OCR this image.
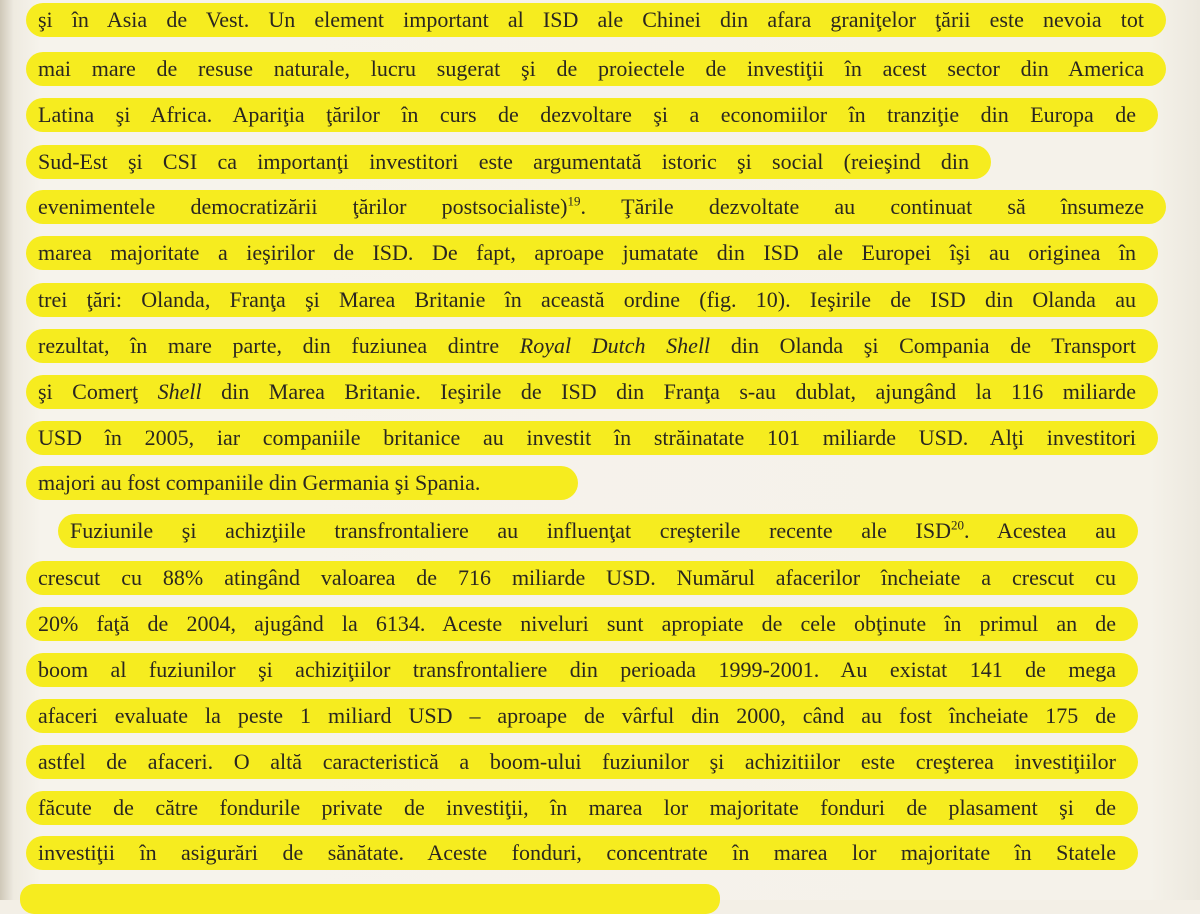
şi în Asia de Vest. Un element important al ISD ale Chinei din afara graniţelor ţării este nevoia tot
mai mare de resuse naturale, lucru sugerat şi de proiectele de investiţii în acest sector din America
Latina şi Africa. Apariţia ţărilor în curs de dezvoltare şi a economiilor în tranziţie din Europa de
Sud-Est şi CSI ca importanţi investitori este argumentată istoric şi social (reieşind din
evenimentele democratizării ţărilor postsocialiste)$^{19}$. Ţările dezvoltate au continuat să însumeze
marea majoritate a ieşirilor de ISD. De fapt, aproape jumatate din ISD ale Europei îşi au originea în
trei ţări: Olanda, Franţa şi Marea Britanie în această ordine (fig. 10). Ieşirile de ISD din Olanda au
rezultat, în mare parte, din fuziunea dintre Royal Dutch Shell din Olanda şi Compania de Transport
şi Comerţ Shell din Marea Britanie. Ieşirile de ISD din Franţa s-au dublat, ajungând la 116 miliarde
USD în 2005, iar companiile britanice au investit în străinatate 101 miliarde USD. Alţi investitori
majori au fost companiile din Germania şi Spania.
Fuziunile şi achizţiile transfrontaliere au influenţat creşterile recente ale ISD$^{20}$. Acestea au
crescut cu 88% atingând valoarea de 716 miliarde USD. Numărul afacerilor încheiate a crescut cu
20% faţă de 2004, ajugând la 6134. Aceste niveluri sunt apropiate de cele obţinute în primul an de
boom al fuziunilor şi achiziţiilor transfrontaliere din perioada 1999-2001. Au existat 141 de mega
afaceri evaluate la peste 1 miliard USD – aproape de vârful din 2000, când au fost încheiate 175 de
astfel de afaceri. O altă caracteristică a boom-ului fuziunilor şi achizitiilor este creşterea investiţiilor
făcute de către fondurile private de investiţii, în marea lor majoritate fonduri de plasament şi de
investiţii în asigurări de sănătate. Aceste fonduri, concentrate în marea lor majoritate în Statele
